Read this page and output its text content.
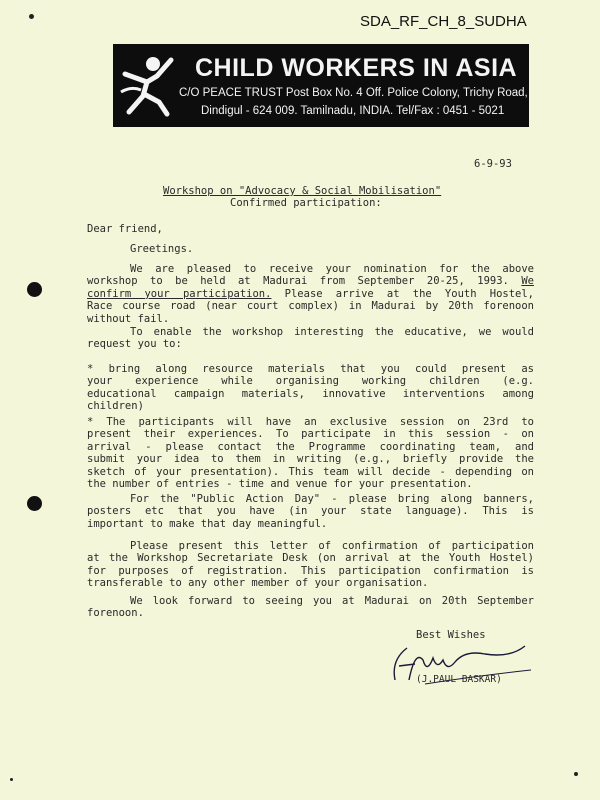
SDA_RF_CH_8_SUDHA
CHILD WORKERS IN ASIA
C/O PEACE TRUST Post Box No. 4 Off. Police Colony, Trichy Road,
Dindigul - 624 009. Tamilnadu, INDIA. Tel/Fax : 0451 - 5021
6-9-93
Workshop on "Advocacy & Social Mobilisation"
Confirmed participation:
Dear friend,
Greetings.
We are pleased to receive your nomination for the above
workshop to be held at Madurai from September 20-25, 1993. We
confirm your participation. Please arrive at the Youth Hostel,
Race course road (near court complex) in Madurai by 20th forenoon
without fail.
To enable the workshop interesting the educative, we would
request you to:
* bring along resource materials that you could present as
your experience while organising working children (e.g.
educational campaign materials, innovative interventions among
children)
* The participants will have an exclusive session on 23rd to
present their experiences. To participate in this session - on
arrival - please contact the Programme coordinating team, and
submit your idea to them in writing (e.g., briefly provide the
sketch of your presentation). This team will decide - depending on
the number of entries - time and venue for your presentation.
For the "Public Action Day" - please bring along banners,
posters etc that you have (in your state language). This is
important to make that day meaningful.
Please present this letter of confirmation of participation
at the Workshop Secretariate Desk (on arrival at the Youth Hostel)
for purposes of registration. This participation confirmation is
transferable to any other member of your organisation.
We look forward to seeing you at Madurai on 20th September
forenoon.
Best Wishes
(J.PAUL BASKAR)
